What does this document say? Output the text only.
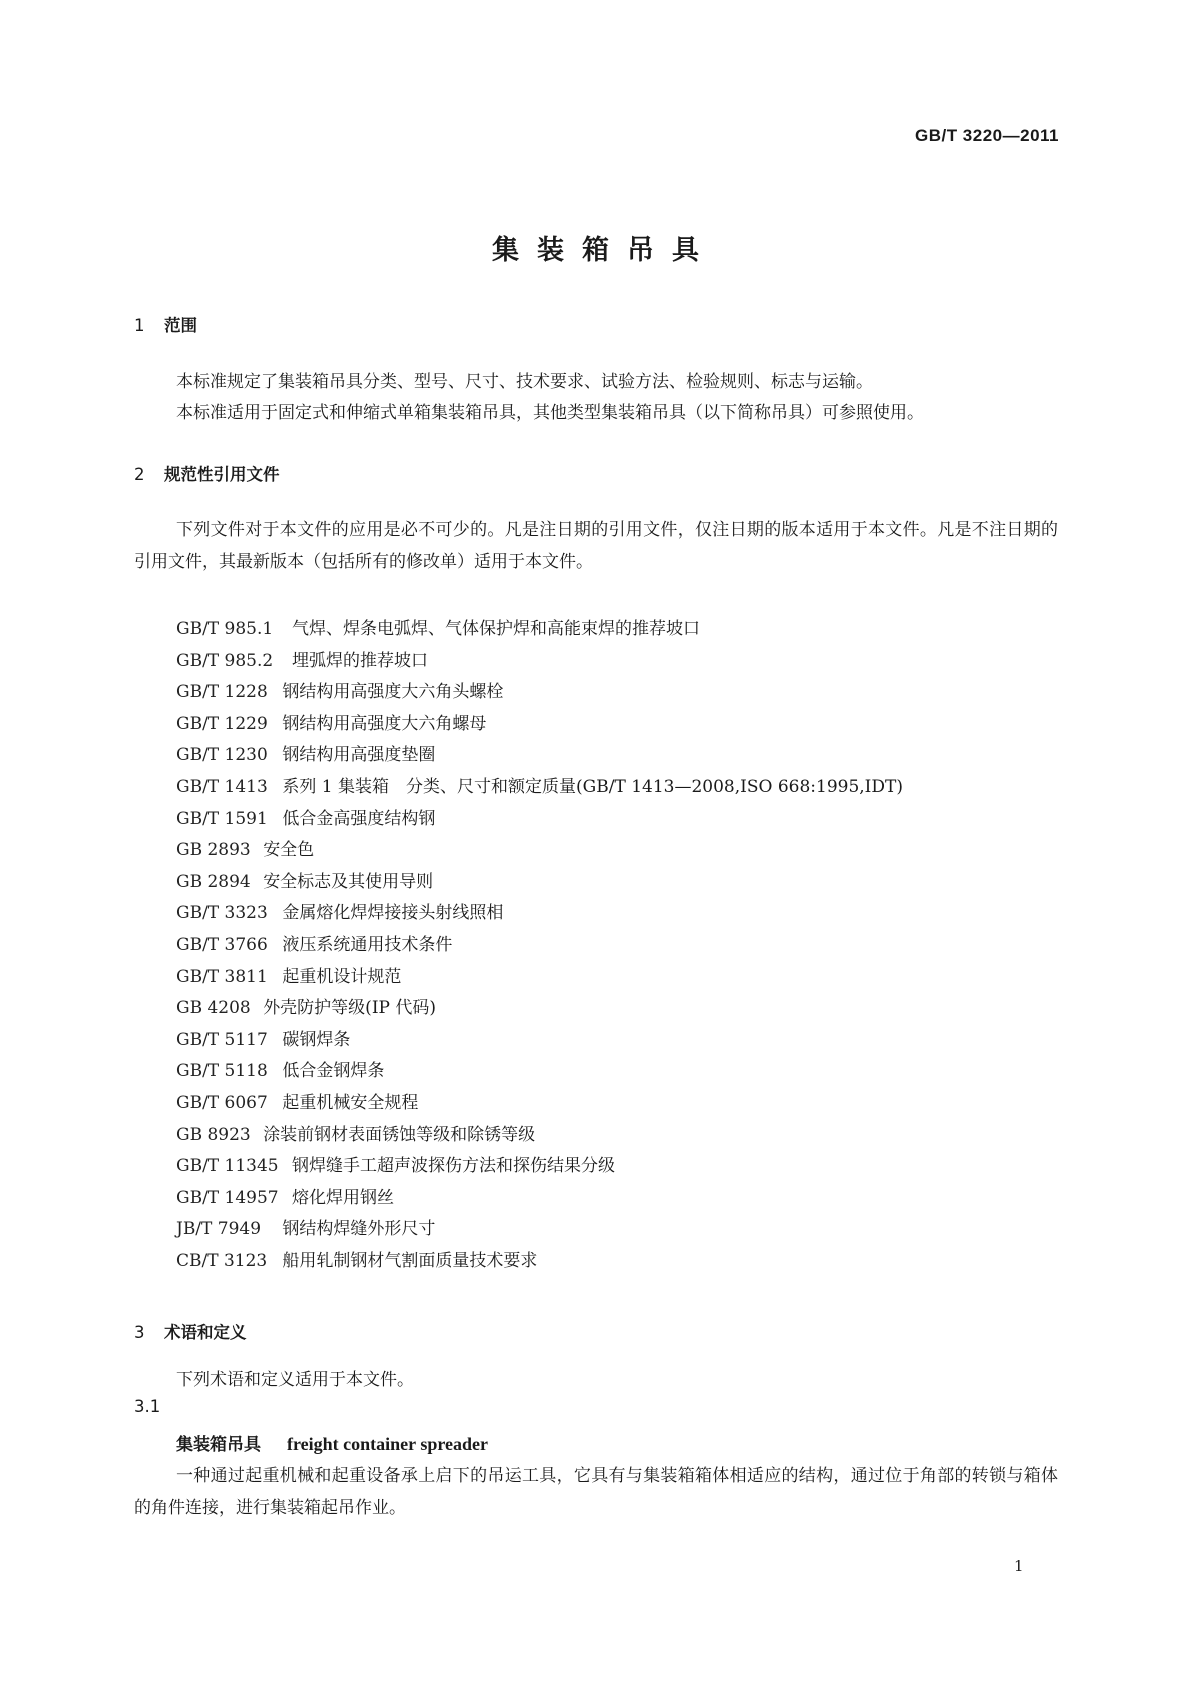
GB/T 3220—2011
集装箱吊具
1 范围

本标准规定了集装箱吊具分类、型号、尺寸、技术要求、试验方法、检验规则、标志与运输。

本标准适用于固定式和伸缩式单箱集装箱吊具，其他类型集装箱吊具（以下简称吊具）可参照使用。

2 规范性引用文件

下列文件对于本文件的应用是必不可少的。凡是注日期的引用文件，仅注日期的版本适用于本文件。凡是不注日期的引用文件，其最新版本（包括所有的修改单）适用于本文件。

GB/T 985.1 气焊、焊条电弧焊、气体保护焊和高能束焊的推荐坡口
GB/T 985.2 埋弧焊的推荐坡口
GB/T 1228 钢结构用高强度大六角头螺栓
GB/T 1229 钢结构用高强度大六角螺母
GB/T 1230 钢结构用高强度垫圈
GB/T 1413 系列 1 集装箱　分类、尺寸和额定质量(GB/T 1413—2008,ISO 668:1995,IDT)
GB/T 1591 低合金高强度结构钢
GB 2893 安全色
GB 2894 安全标志及其使用导则
GB/T 3323 金属熔化焊焊接接头射线照相
GB/T 3766 液压系统通用技术条件
GB/T 3811 起重机设计规范
GB 4208 外壳防护等级(IP 代码)
GB/T 5117 碳钢焊条
GB/T 5118 低合金钢焊条
GB/T 6067 起重机械安全规程
GB 8923 涂装前钢材表面锈蚀等级和除锈等级
GB/T 11345 钢焊缝手工超声波探伤方法和探伤结果分级
GB/T 14957 熔化焊用钢丝
JB/T 7949 钢结构焊缝外形尺寸
CB/T 3123 船用轧制钢材气割面质量技术要求
3 术语和定义

下列术语和定义适用于本文件。

3.1
集装箱吊具 freight container spreader

一种通过起重机械和起重设备承上启下的吊运工具，它具有与集装箱箱体相适应的结构，通过位于角部的转锁与箱体的角件连接，进行集装箱起吊作业。

1
